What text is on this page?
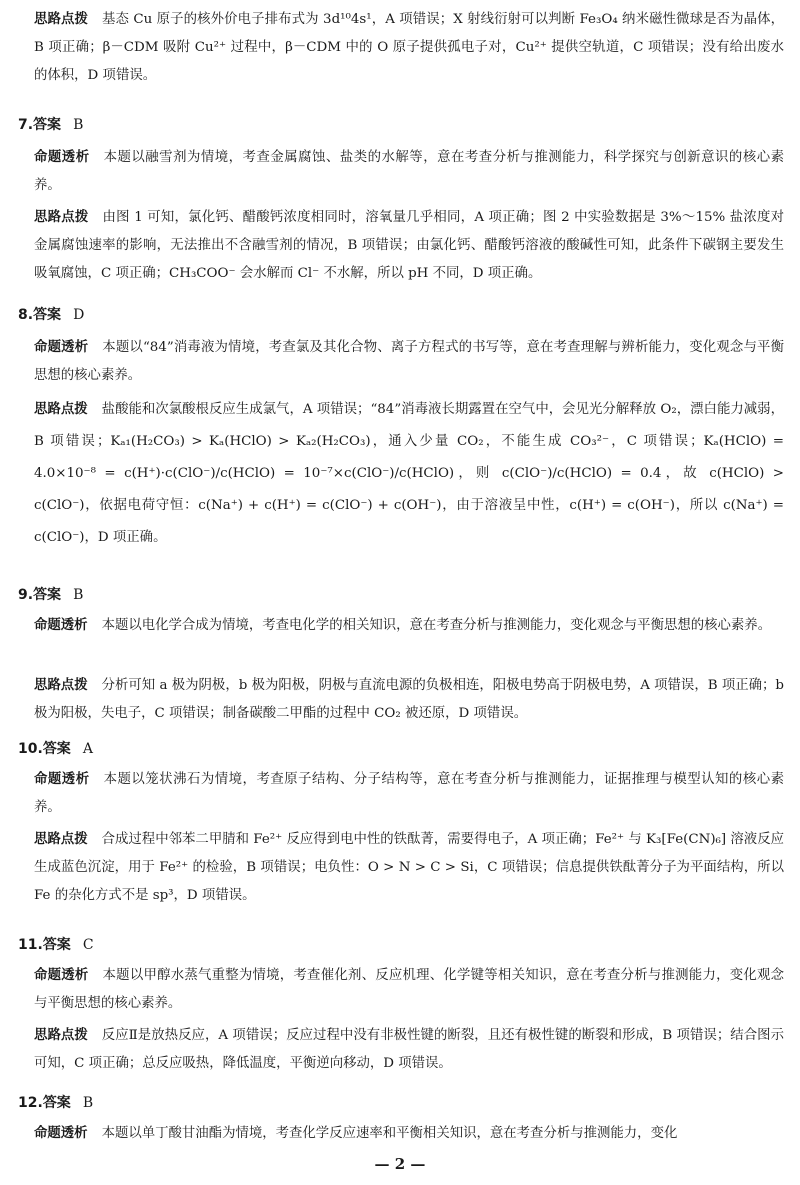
思路点拨 基态 Cu 原子的核外价电子排布式为 3d¹⁰4s¹，A 项错误；X 射线衍射可以判断 Fe₃O₄ 纳米磁性微球是否为晶体，B 项正确；β－CDM 吸附 Cu²⁺ 过程中，β－CDM 中的 O 原子提供孤电子对，Cu²⁺ 提供空轨道，C 项错误；没有给出废水的体积，D 项错误。

7.答案 B

命题透析 本题以融雪剂为情境，考查金属腐蚀、盐类的水解等，意在考查分析与推测能力，科学探究与创新意识的核心素养。

思路点拨 由图 1 可知，氯化钙、醋酸钙浓度相同时，溶氧量几乎相同，A 项正确；图 2 中实验数据是 3%～15% 盐浓度对金属腐蚀速率的影响，无法推出不含融雪剂的情况，B 项错误；由氯化钙、醋酸钙溶液的酸碱性可知，此条件下碳钢主要发生吸氧腐蚀，C 项正确；CH₃COO⁻ 会水解而 Cl⁻ 不水解，所以 pH 不同，D 项正确。

8.答案 D

命题透析 本题以“84”消毒液为情境，考查氯及其化合物、离子方程式的书写等，意在考查理解与辨析能力，变化观念与平衡思想的核心素养。

思路点拨 盐酸能和次氯酸根反应生成氯气，A 项错误；“84”消毒液长期露置在空气中，会见光分解释放 O₂，漂白能力减弱，B 项错误；Kₐ₁(H₂CO₃) > Kₐ(HClO) > Kₐ₂(H₂CO₃)，通入少量 CO₂，不能生成 CO₃²⁻，C 项错误；Kₐ(HClO) = 4.0×10⁻⁸ = c(H⁺)·c(ClO⁻)/c(HClO) = 10⁻⁷×c(ClO⁻)/c(HClO)，则 c(ClO⁻)/c(HClO) = 0.4，故 c(HClO) > c(ClO⁻)，依据电荷守恒：c(Na⁺) + c(H⁺) = c(ClO⁻) + c(OH⁻)，由于溶液呈中性，c(H⁺) = c(OH⁻)，所以 c(Na⁺) = c(ClO⁻)，D 项正确。

9.答案 B

命题透析 本题以电化学合成为情境，考查电化学的相关知识，意在考查分析与推测能力，变化观念与平衡思想的核心素养。

思路点拨 分析可知 a 极为阴极，b 极为阳极，阴极与直流电源的负极相连，阳极电势高于阴极电势，A 项错误，B 项正确；b 极为阳极，失电子，C 项错误；制备碳酸二甲酯的过程中 CO₂ 被还原，D 项错误。

10.答案 A

命题透析 本题以笼状沸石为情境，考查原子结构、分子结构等，意在考查分析与推测能力，证据推理与模型认知的核心素养。

思路点拨 合成过程中邻苯二甲腈和 Fe²⁺ 反应得到电中性的铁酞菁，需要得电子，A 项正确；Fe²⁺ 与 K₃[Fe(CN)₆] 溶液反应生成蓝色沉淀，用于 Fe²⁺ 的检验，B 项错误；电负性：O > N > C > Si，C 项错误；信息提供铁酞菁分子为平面结构，所以 Fe 的杂化方式不是 sp³，D 项错误。

11.答案 C

命题透析 本题以甲醇水蒸气重整为情境，考查催化剂、反应机理、化学键等相关知识，意在考查分析与推测能力，变化观念与平衡思想的核心素养。

思路点拨 反应Ⅱ是放热反应，A 项错误；反应过程中没有非极性键的断裂，且还有极性键的断裂和形成，B 项错误；结合图示可知，C 项正确；总反应吸热，降低温度，平衡逆向移动，D 项错误。

12.答案 B

命题透析 本题以单丁酸甘油酯为情境，考查化学反应速率和平衡相关知识，意在考查分析与推测能力，变化

— 2 —
